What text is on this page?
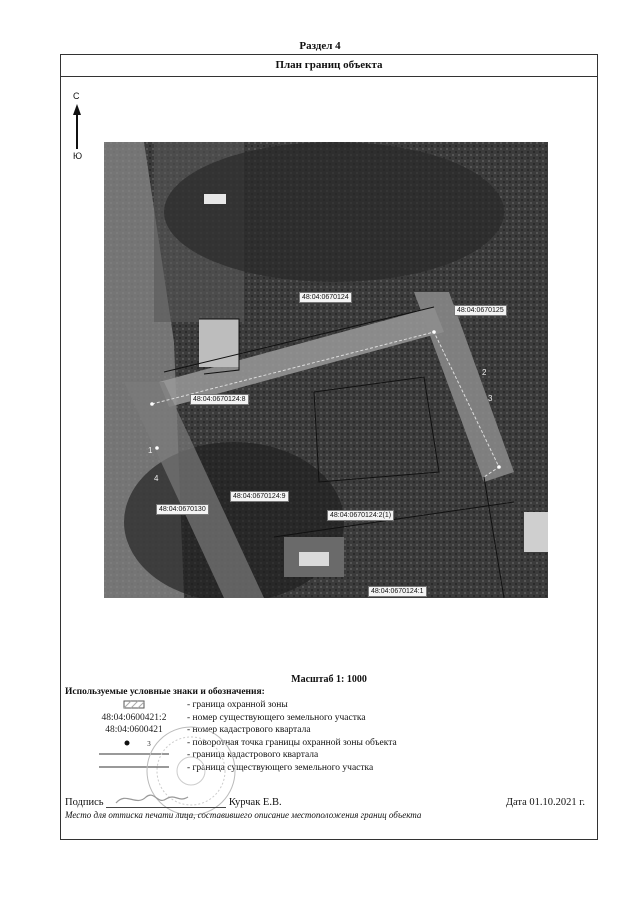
Раздел 4
План границ объекта
С
Ю
48:04:0670124
48:04:0670125
48:04:0670124:8
48:04:0670124:9
48:04:0670124:2(1)
48:04:0670130
48:04:0670124:1
1
2
3
4
Масштаб 1: 1000
Используемые условные знаки и обозначения:
- граница охранной зоны
48:04:0600421:2	- номер существующего земельного участка
48:04:0600421	- номер кадастрового квартала
$^3$	- поворотная точка границы охранной зоны объекта
- граница кадастрового квартала
- граница существующего земельного участка
Подпись	Курчак Е.В.	Дата 01.10.2021 г.
Место для оттиска печати лица, составившего описание местоположения границ объекта
